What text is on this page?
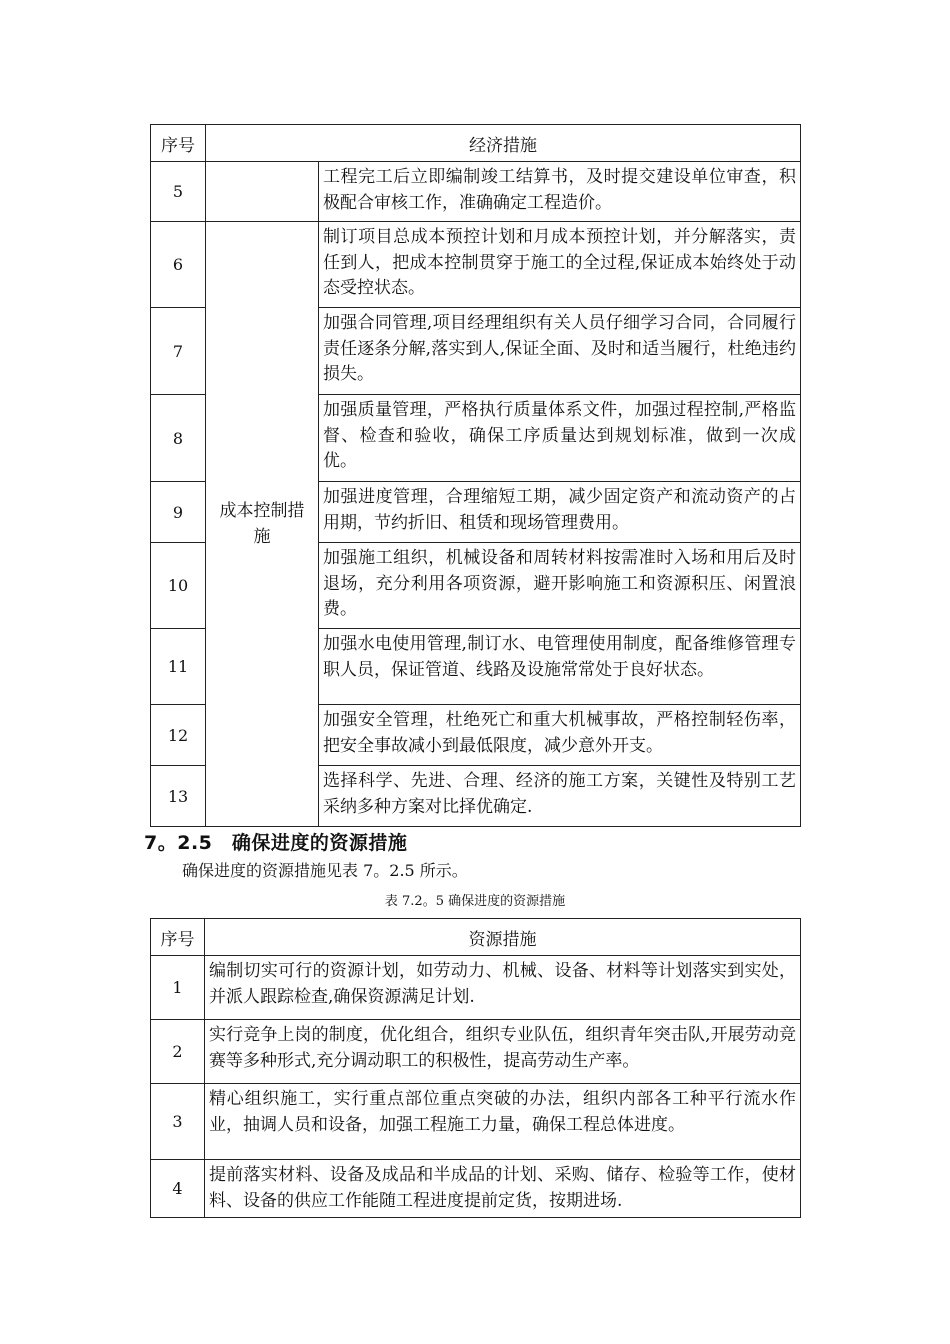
序号	经济措施	
5		工程完工后立即编制竣工结算书，及时提交建设单位审查，积极配合审核工作，准确确定工程造价。
6	成本控制措施	制订项目总成本预控计划和月成本预控计划，并分解落实，责任到人，把成本控制贯穿于施工的全过程,保证成本始终处于动态受控状态。
7		加强合同管理,项目经理组织有关人员仔细学习合同，合同履行责任逐条分解,落实到人,保证全面、及时和适当履行，杜绝违约损失。
8		加强质量管理，严格执行质量体系文件，加强过程控制,严格监督、检查和验收，确保工序质量达到规划标准，做到一次成优。
9		加强进度管理，合理缩短工期，减少固定资产和流动资产的占用期，节约折旧、租赁和现场管理费用。
10		加强施工组织，机械设备和周转材料按需准时入场和用后及时退场，充分利用各项资源，避开影响施工和资源积压、闲置浪费。
11		加强水电使用管理,制订水、电管理使用制度，配备维修管理专职人员，保证管道、线路及设施常常处于良好状态。
12		加强安全管理，杜绝死亡和重大机械事故，严格控制轻伤率，把安全事故减小到最低限度，减少意外开支。
13		选择科学、先进、合理、经济的施工方案，关键性及特别工艺采纳多种方案对比择优确定.
7。2.5　确保进度的资源措施
确保进度的资源措施见表 7。2.5 所示。
表 7.2。5 确保进度的资源措施
序号	资源措施
1	编制切实可行的资源计划，如劳动力、机械、设备、材料等计划落实到实处，并派人跟踪检查,确保资源满足计划.
2	实行竞争上岗的制度，优化组合，组织专业队伍，组织青年突击队,开展劳动竞赛等多种形式,充分调动职工的积极性，提高劳动生产率。
3	精心组织施工，实行重点部位重点突破的办法，组织内部各工种平行流水作业，抽调人员和设备，加强工程施工力量，确保工程总体进度。
4	提前落实材料、设备及成品和半成品的计划、采购、储存、检验等工作，使材料、设备的供应工作能随工程进度提前定货，按期进场.
